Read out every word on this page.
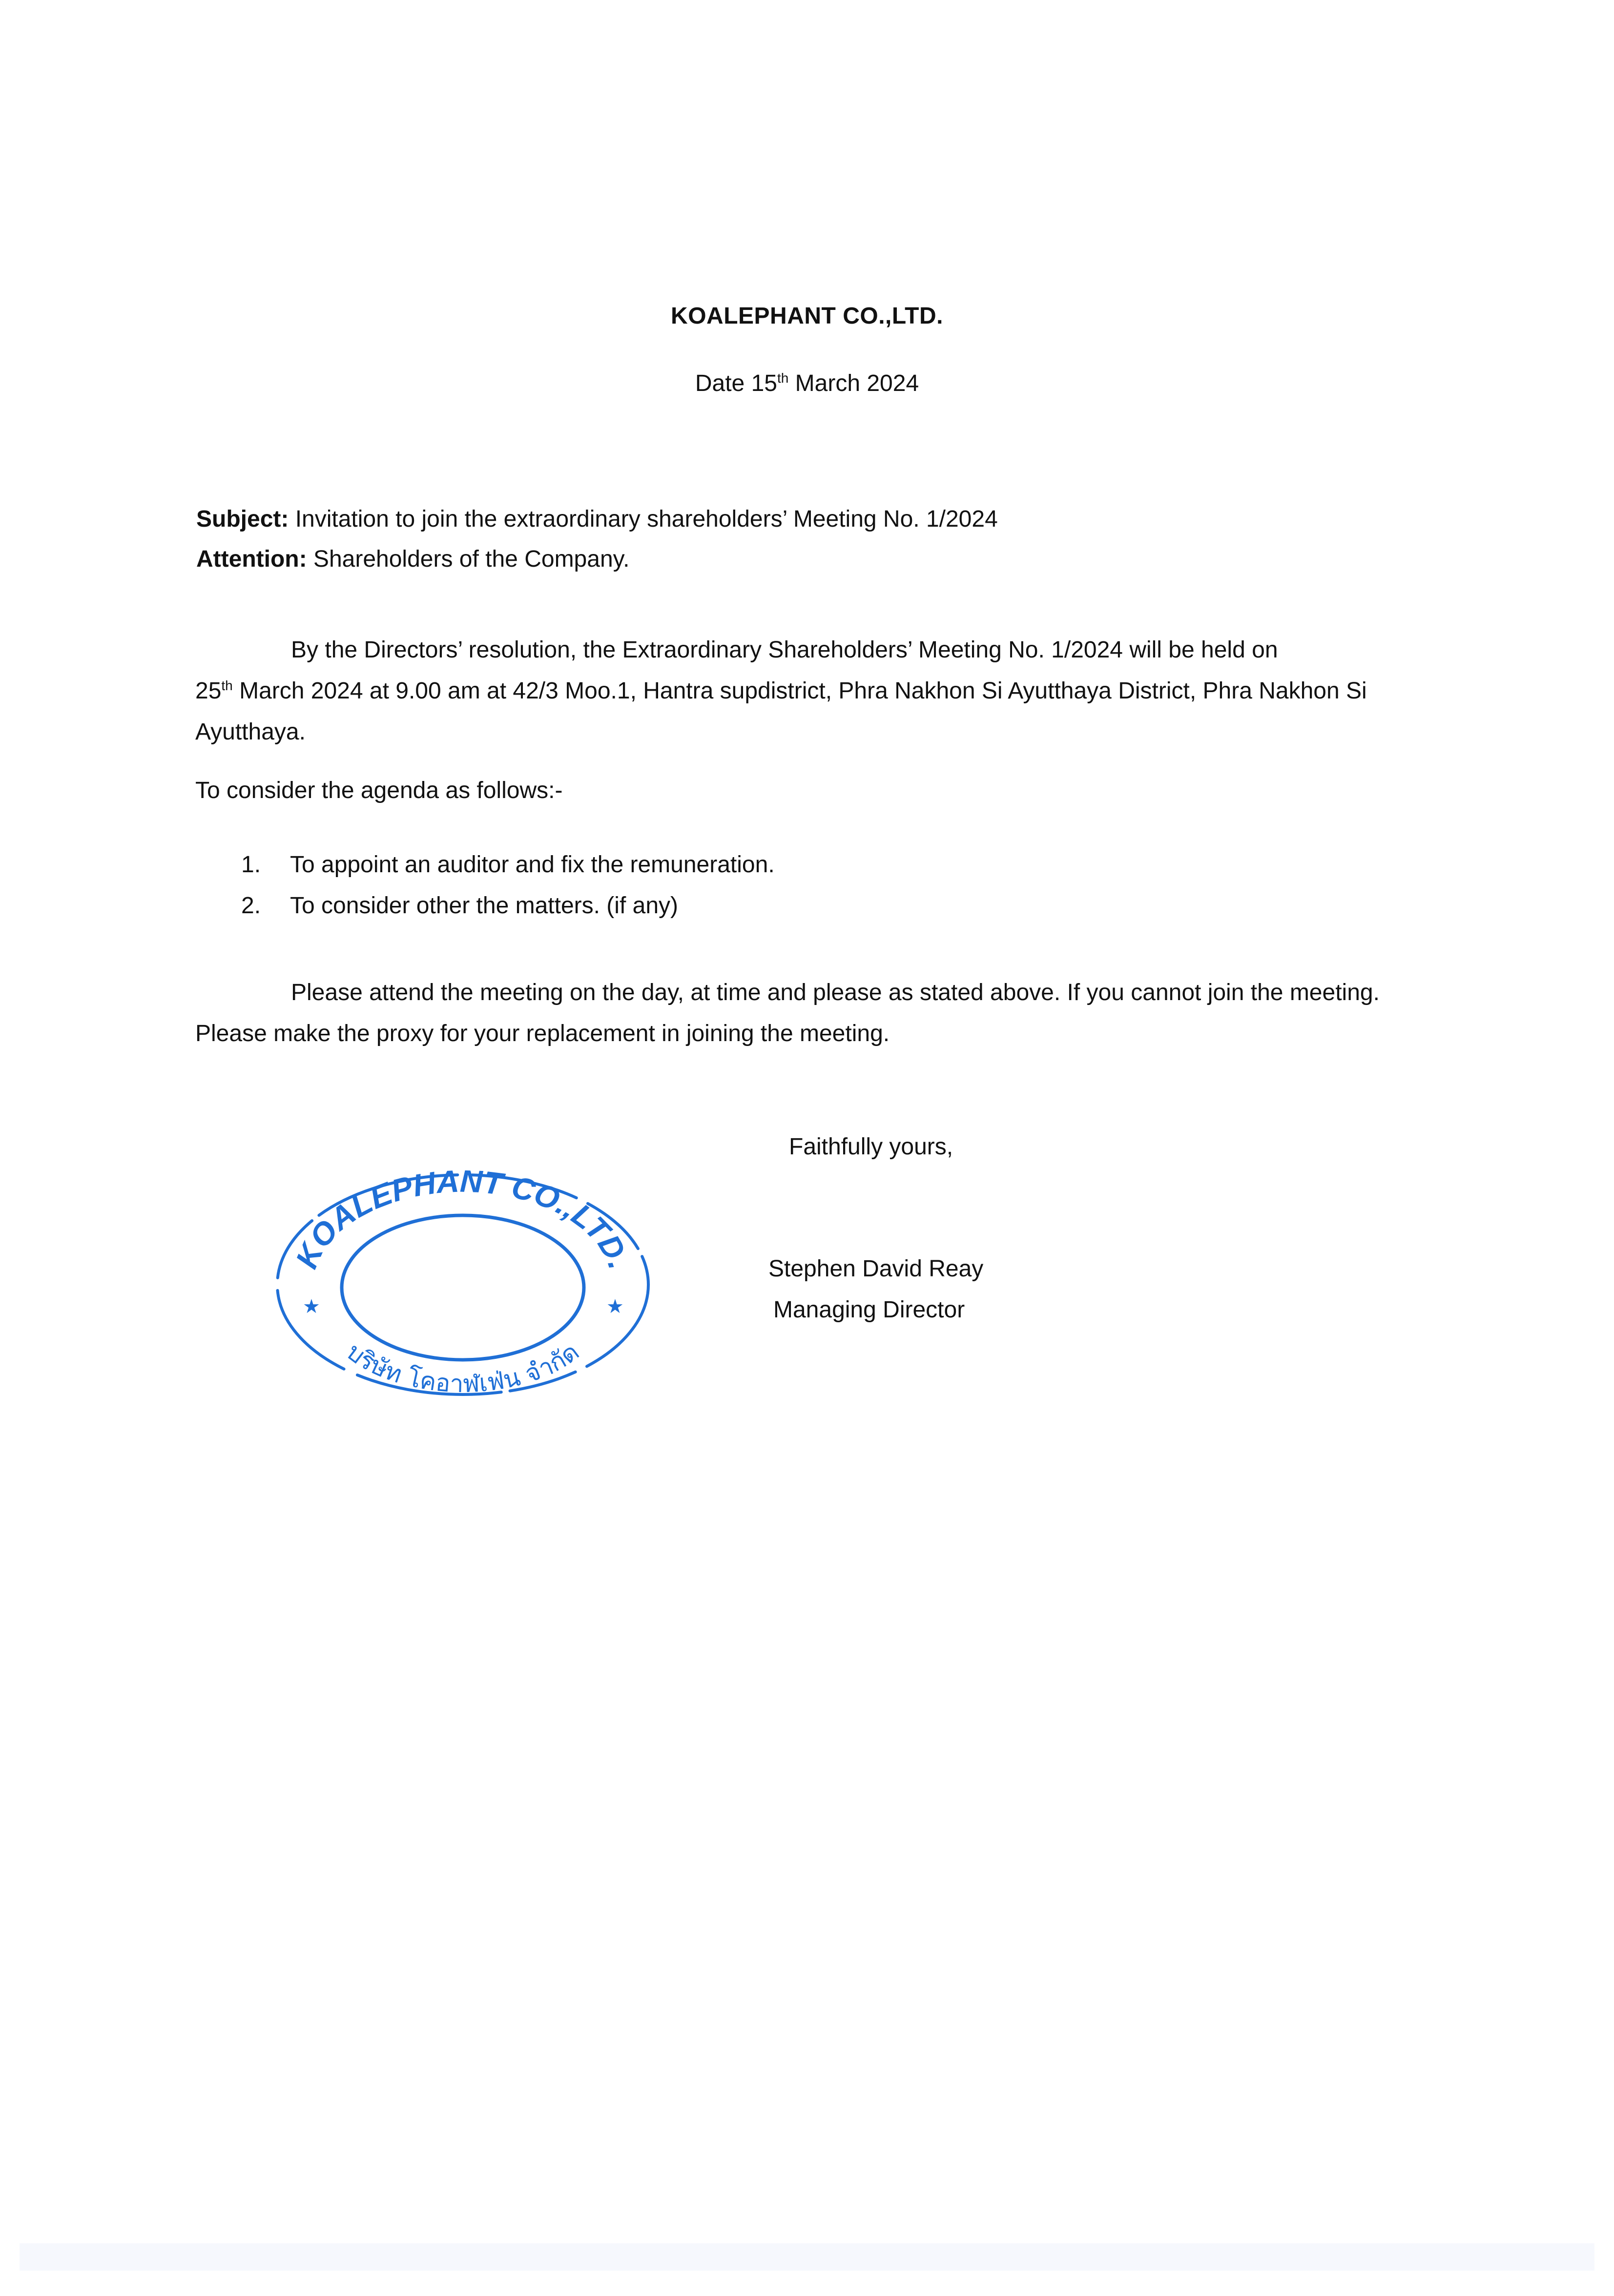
KOALEPHANT CO.,LTD.
Date 15th March 2024
Subject: Invitation to join the extraordinary shareholders’ Meeting No. 1/2024
Attention: Shareholders of the Company.
By the Directors’ resolution, the Extraordinary Shareholders’ Meeting No. 1/2024 will be held on
25th March 2024 at 9.00 am at 42/3 Moo.1, Hantra supdistrict, Phra Nakhon Si Ayutthaya District, Phra Nakhon Si Ayutthaya.
To consider the agenda as follows:-
1.	To appoint an auditor and fix the remuneration.
2.	To consider other the matters. (if any)
Please attend the meeting on the day, at time and please as stated above. If you cannot join the meeting. Please make the proxy for your replacement in joining the meeting.
Faithfully yours,
KOALEPHANT CO.,LTD.
บริษัท โคอาฬเฟ่น จำกัด
★	★
Stephen David Reay
Managing Director
